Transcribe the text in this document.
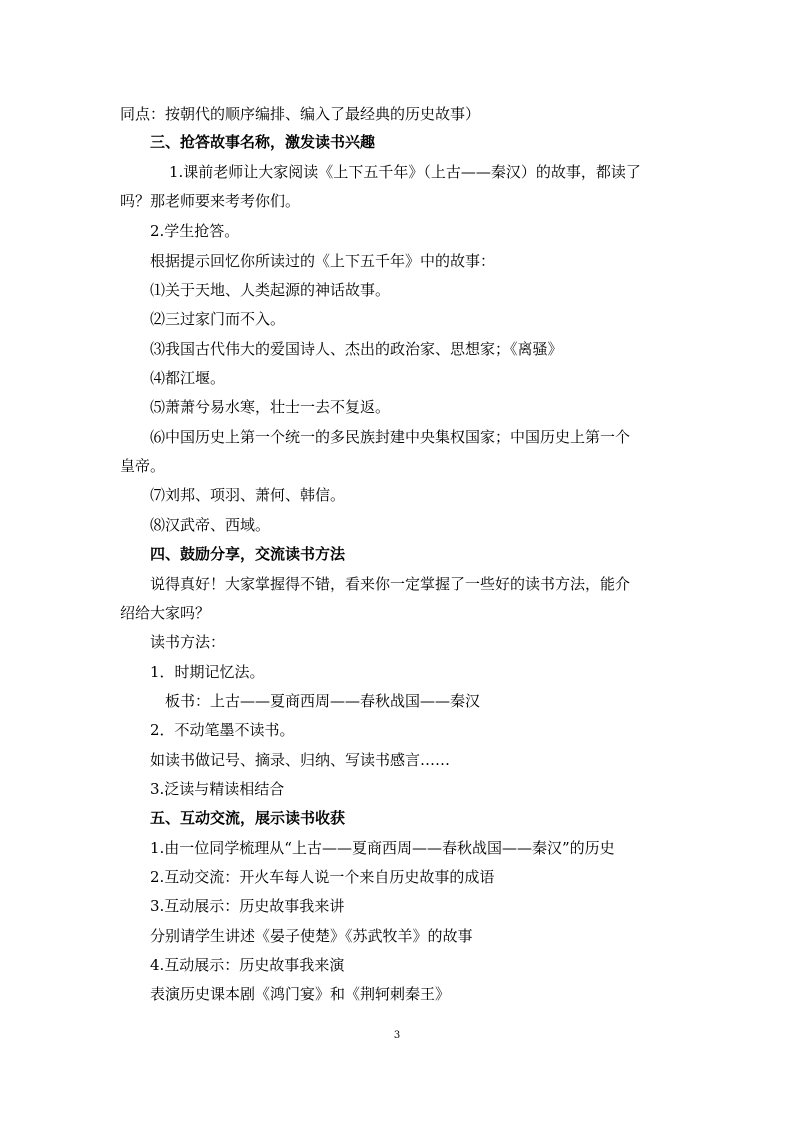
同点：按朝代的顺序编排、编入了最经典的历史故事）
三、抢答故事名称，激发读书兴趣
1.课前老师让大家阅读《上下五千年》（上古——秦汉）的故事，都读了
吗？那老师要来考考你们。
2.学生抢答。
根据提示回忆你所读过的《上下五千年》中的故事：
⑴关于天地、人类起源的神话故事。
⑵三过家门而不入。
⑶我国古代伟大的爱国诗人、杰出的政治家、思想家；《离骚》
⑷都江堰。
⑸萧萧兮易水寒，壮士一去不复返。
⑹中国历史上第一个统一的多民族封建中央集权国家；中国历史上第一个
皇帝。
⑺刘邦、项羽、萧何、韩信。
⑻汉武帝、西域。
四、鼓励分享，交流读书方法
说得真好！大家掌握得不错，看来你一定掌握了一些好的读书方法，能介
绍给大家吗？
读书方法：
1．时期记忆法。
板书：上古——夏商西周——春秋战国——秦汉
2．不动笔墨不读书。
如读书做记号、摘录、归纳、写读书感言……
3.泛读与精读相结合
五、互动交流，展示读书收获
1.由一位同学梳理从“上古——夏商西周——春秋战国——秦汉”的历史
2.互动交流：开火车每人说一个来自历史故事的成语
3.互动展示：历史故事我来讲
分别请学生讲述《晏子使楚》《苏武牧羊》的故事
4.互动展示：历史故事我来演
表演历史课本剧《鸿门宴》和《荆轲刺秦王》
3
